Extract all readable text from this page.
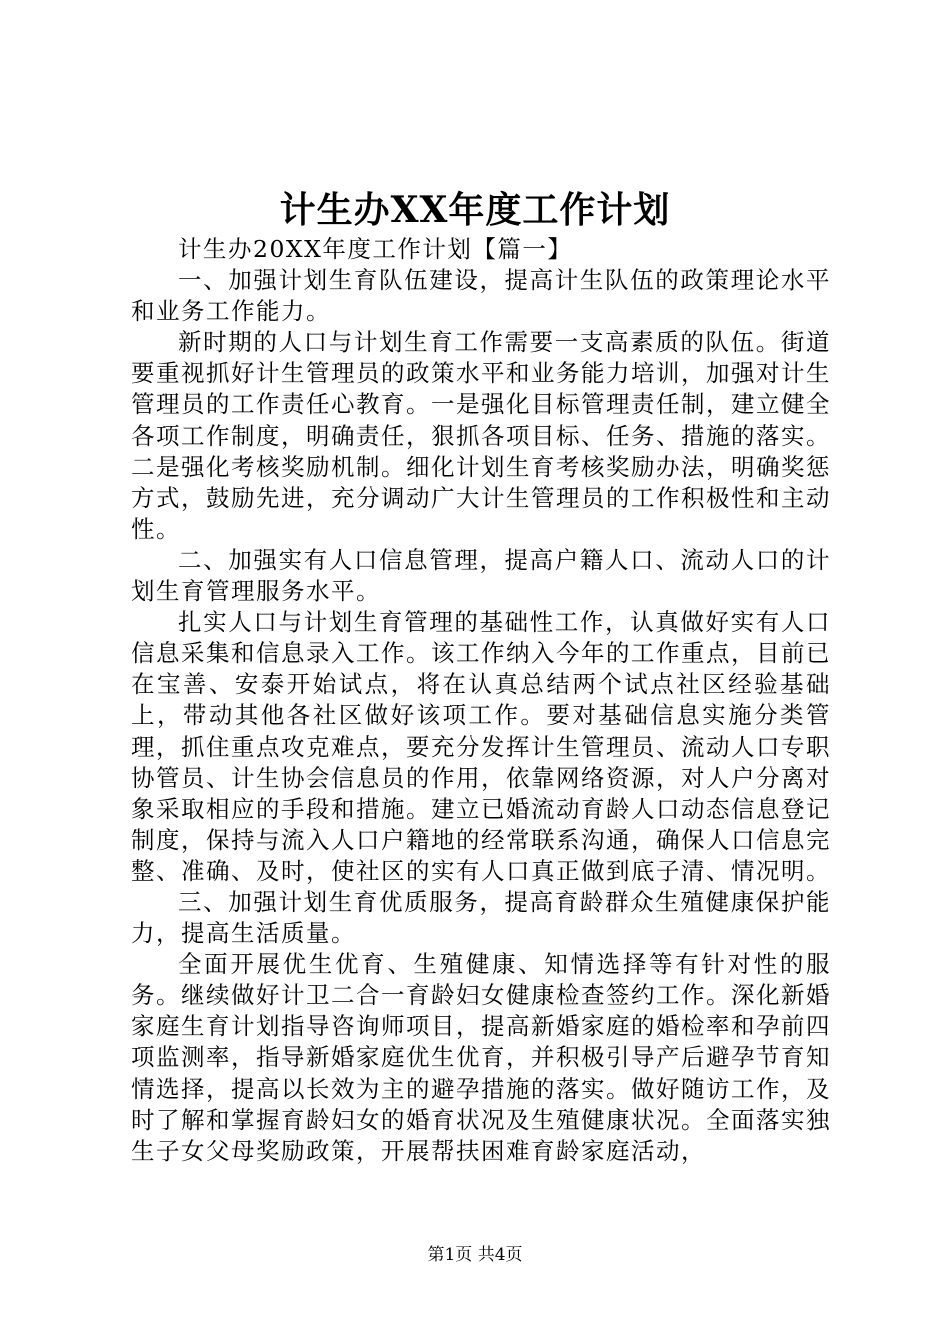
计生办XX年度工作计划

计生办20XX年度工作计划【篇一】

一、加强计划生育队伍建设，提高计生队伍的政策理论水平和业务工作能力。

新时期的人口与计划生育工作需要一支高素质的队伍。街道要重视抓好计生管理员的政策水平和业务能力培训，加强对计生管理员的工作责任心教育。一是强化目标管理责任制，建立健全各项工作制度，明确责任，狠抓各项目标、任务、措施的落实。二是强化考核奖励机制。细化计划生育考核奖励办法，明确奖惩方式，鼓励先进，充分调动广大计生管理员的工作积极性和主动性。

二、加强实有人口信息管理，提高户籍人口、流动人口的计划生育管理服务水平。

扎实人口与计划生育管理的基础性工作，认真做好实有人口信息采集和信息录入工作。该工作纳入今年的工作重点，目前已在宝善、安泰开始试点，将在认真总结两个试点社区经验基础上，带动其他各社区做好该项工作。要对基础信息实施分类管理，抓住重点攻克难点，要充分发挥计生管理员、流动人口专职协管员、计生协会信息员的作用，依靠网络资源，对人户分离对象采取相应的手段和措施。建立已婚流动育龄人口动态信息登记制度，保持与流入人口户籍地的经常联系沟通，确保人口信息完整、准确、及时，使社区的实有人口真正做到底子清、情况明。

三、加强计划生育优质服务，提高育龄群众生殖健康保护能力，提高生活质量。

全面开展优生优育、生殖健康、知情选择等有针对性的服务。继续做好计卫二合一育龄妇女健康检查签约工作。深化新婚家庭生育计划指导咨询师项目，提高新婚家庭的婚检率和孕前四项监测率，指导新婚家庭优生优育，并积极引导产后避孕节育知情选择，提高以长效为主的避孕措施的落实。做好随访工作，及时了解和掌握育龄妇女的婚育状况及生殖健康状况。全面落实独生子女父母奖励政策，开展帮扶困难育龄家庭活动，

第1页 共4页
